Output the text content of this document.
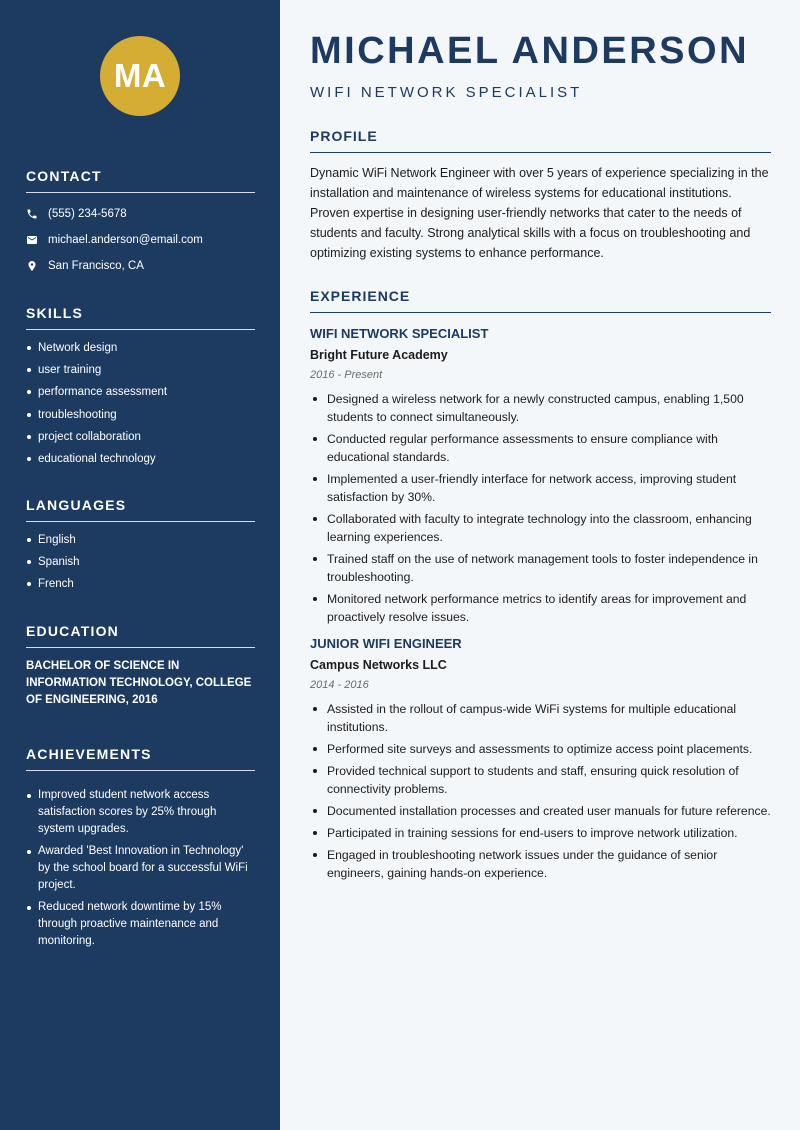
MA
CONTACT
(555) 234-5678
michael.anderson@email.com
San Francisco, CA
SKILLS
Network design
user training
performance assessment
troubleshooting
project collaboration
educational technology
LANGUAGES
English
Spanish
French
EDUCATION
BACHELOR OF SCIENCE IN INFORMATION TECHNOLOGY, COLLEGE OF ENGINEERING, 2016
ACHIEVEMENTS
Improved student network access satisfaction scores by 25% through system upgrades.
Awarded 'Best Innovation in Technology' by the school board for a successful WiFi project.
Reduced network downtime by 15% through proactive maintenance and monitoring.
MICHAEL ANDERSON
WIFI NETWORK SPECIALIST
PROFILE
Dynamic WiFi Network Engineer with over 5 years of experience specializing in the installation and maintenance of wireless systems for educational institutions. Proven expertise in designing user-friendly networks that cater to the needs of students and faculty. Strong analytical skills with a focus on troubleshooting and optimizing existing systems to enhance performance.
EXPERIENCE
WIFI NETWORK SPECIALIST
Bright Future Academy
2016 - Present
Designed a wireless network for a newly constructed campus, enabling 1,500 students to connect simultaneously.
Conducted regular performance assessments to ensure compliance with educational standards.
Implemented a user-friendly interface for network access, improving student satisfaction by 30%.
Collaborated with faculty to integrate technology into the classroom, enhancing learning experiences.
Trained staff on the use of network management tools to foster independence in troubleshooting.
Monitored network performance metrics to identify areas for improvement and proactively resolve issues.
JUNIOR WIFI ENGINEER
Campus Networks LLC
2014 - 2016
Assisted in the rollout of campus-wide WiFi systems for multiple educational institutions.
Performed site surveys and assessments to optimize access point placements.
Provided technical support to students and staff, ensuring quick resolution of connectivity problems.
Documented installation processes and created user manuals for future reference.
Participated in training sessions for end-users to improve network utilization.
Engaged in troubleshooting network issues under the guidance of senior engineers, gaining hands-on experience.
